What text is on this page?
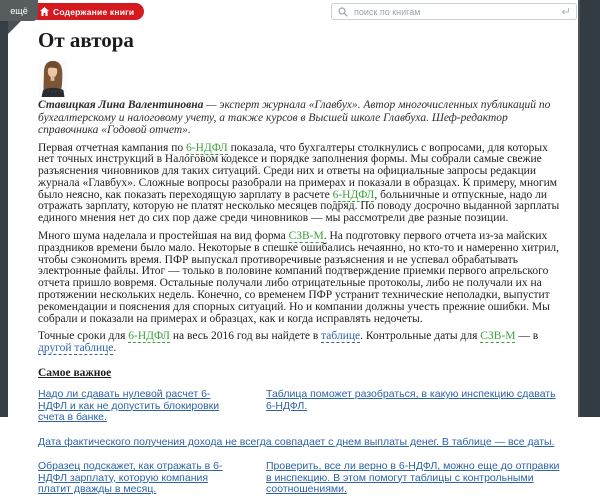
ещё	Содержание книги
поиск по книгам
От автора

Ставицкая Лина Валентиновна — эксперт журнала «Главбух». Автор многочисленных публикаций по бухгалтерскому и налоговому учету, а также курсов в Высшей школе Главбуха. Шеф-редактор справочника «Годовой отчет».

Первая отчетная кампания по 6-НДФЛ показала, что бухгалтеры столкнулись с вопросами, для которых нет точных инструкций в Налоговом кодексе и порядке заполнения формы. Мы собрали самые свежие разъяснения чиновников для таких ситуаций. Среди них и ответы на официальные запросы редакции журнала «Главбух». Сложные вопросы разобрали на примерах и показали в образцах. К примеру, многим было неясно, как показать переходящую зарплату в расчете 6-НДФЛ, больничные и отпускные, надо ли отражать зарплату, которую не платят несколько месяцев подряд. По поводу досрочно выданной зарплаты единого мнения нет до сих пор даже среди чиновников — мы рассмотрели две разные позиции.

Много шума наделала и простейшая на вид форма СЗВ-М. На подготовку первого отчета из-за майских праздников времени было мало. Некоторые в спешке ошибались нечаянно, но кто-то и намеренно хитрил, чтобы сэкономить время. ПФР выпускал противоречивые разъяснения и не успевал обрабатывать электронные файлы. Итог — только в половине компаний подтверждение приемки первого апрельского отчета пришло вовремя. Остальные получали либо отрицательные протоколы, либо не получали их на протяжении нескольких недель. Конечно, со временем ПФР устранит технические неполадки, выпустит рекомендации и пояснения для спорных ситуаций. Но и компании должны учесть прежние ошибки. Мы собрали и показали на примерах и образцах, как и когда исправлять недочеты.

Точные сроки для 6-НДФЛ на весь 2016 год вы найдете в таблице. Контрольные даты для СЗВ-М — в другой таблице.

Самое важное
Надо ли сдавать нулевой расчет 6-НДФЛ и как не допустить блокировки счета в банке.
Таблица поможет разобраться, в какую инспекцию сдавать 6-НДФЛ.
Дата фактического получения дохода не всегда совпадает с днем выплаты денег. В таблице — все даты.
Образец подскажет, как отражать в 6-НДФЛ зарплату, которую компания платит дважды в месяц.
Проверить, все ли верно в 6-НДФЛ, можно еще до отправки в инспекцию. В этом помогут таблицы с контрольными соотношениями.
